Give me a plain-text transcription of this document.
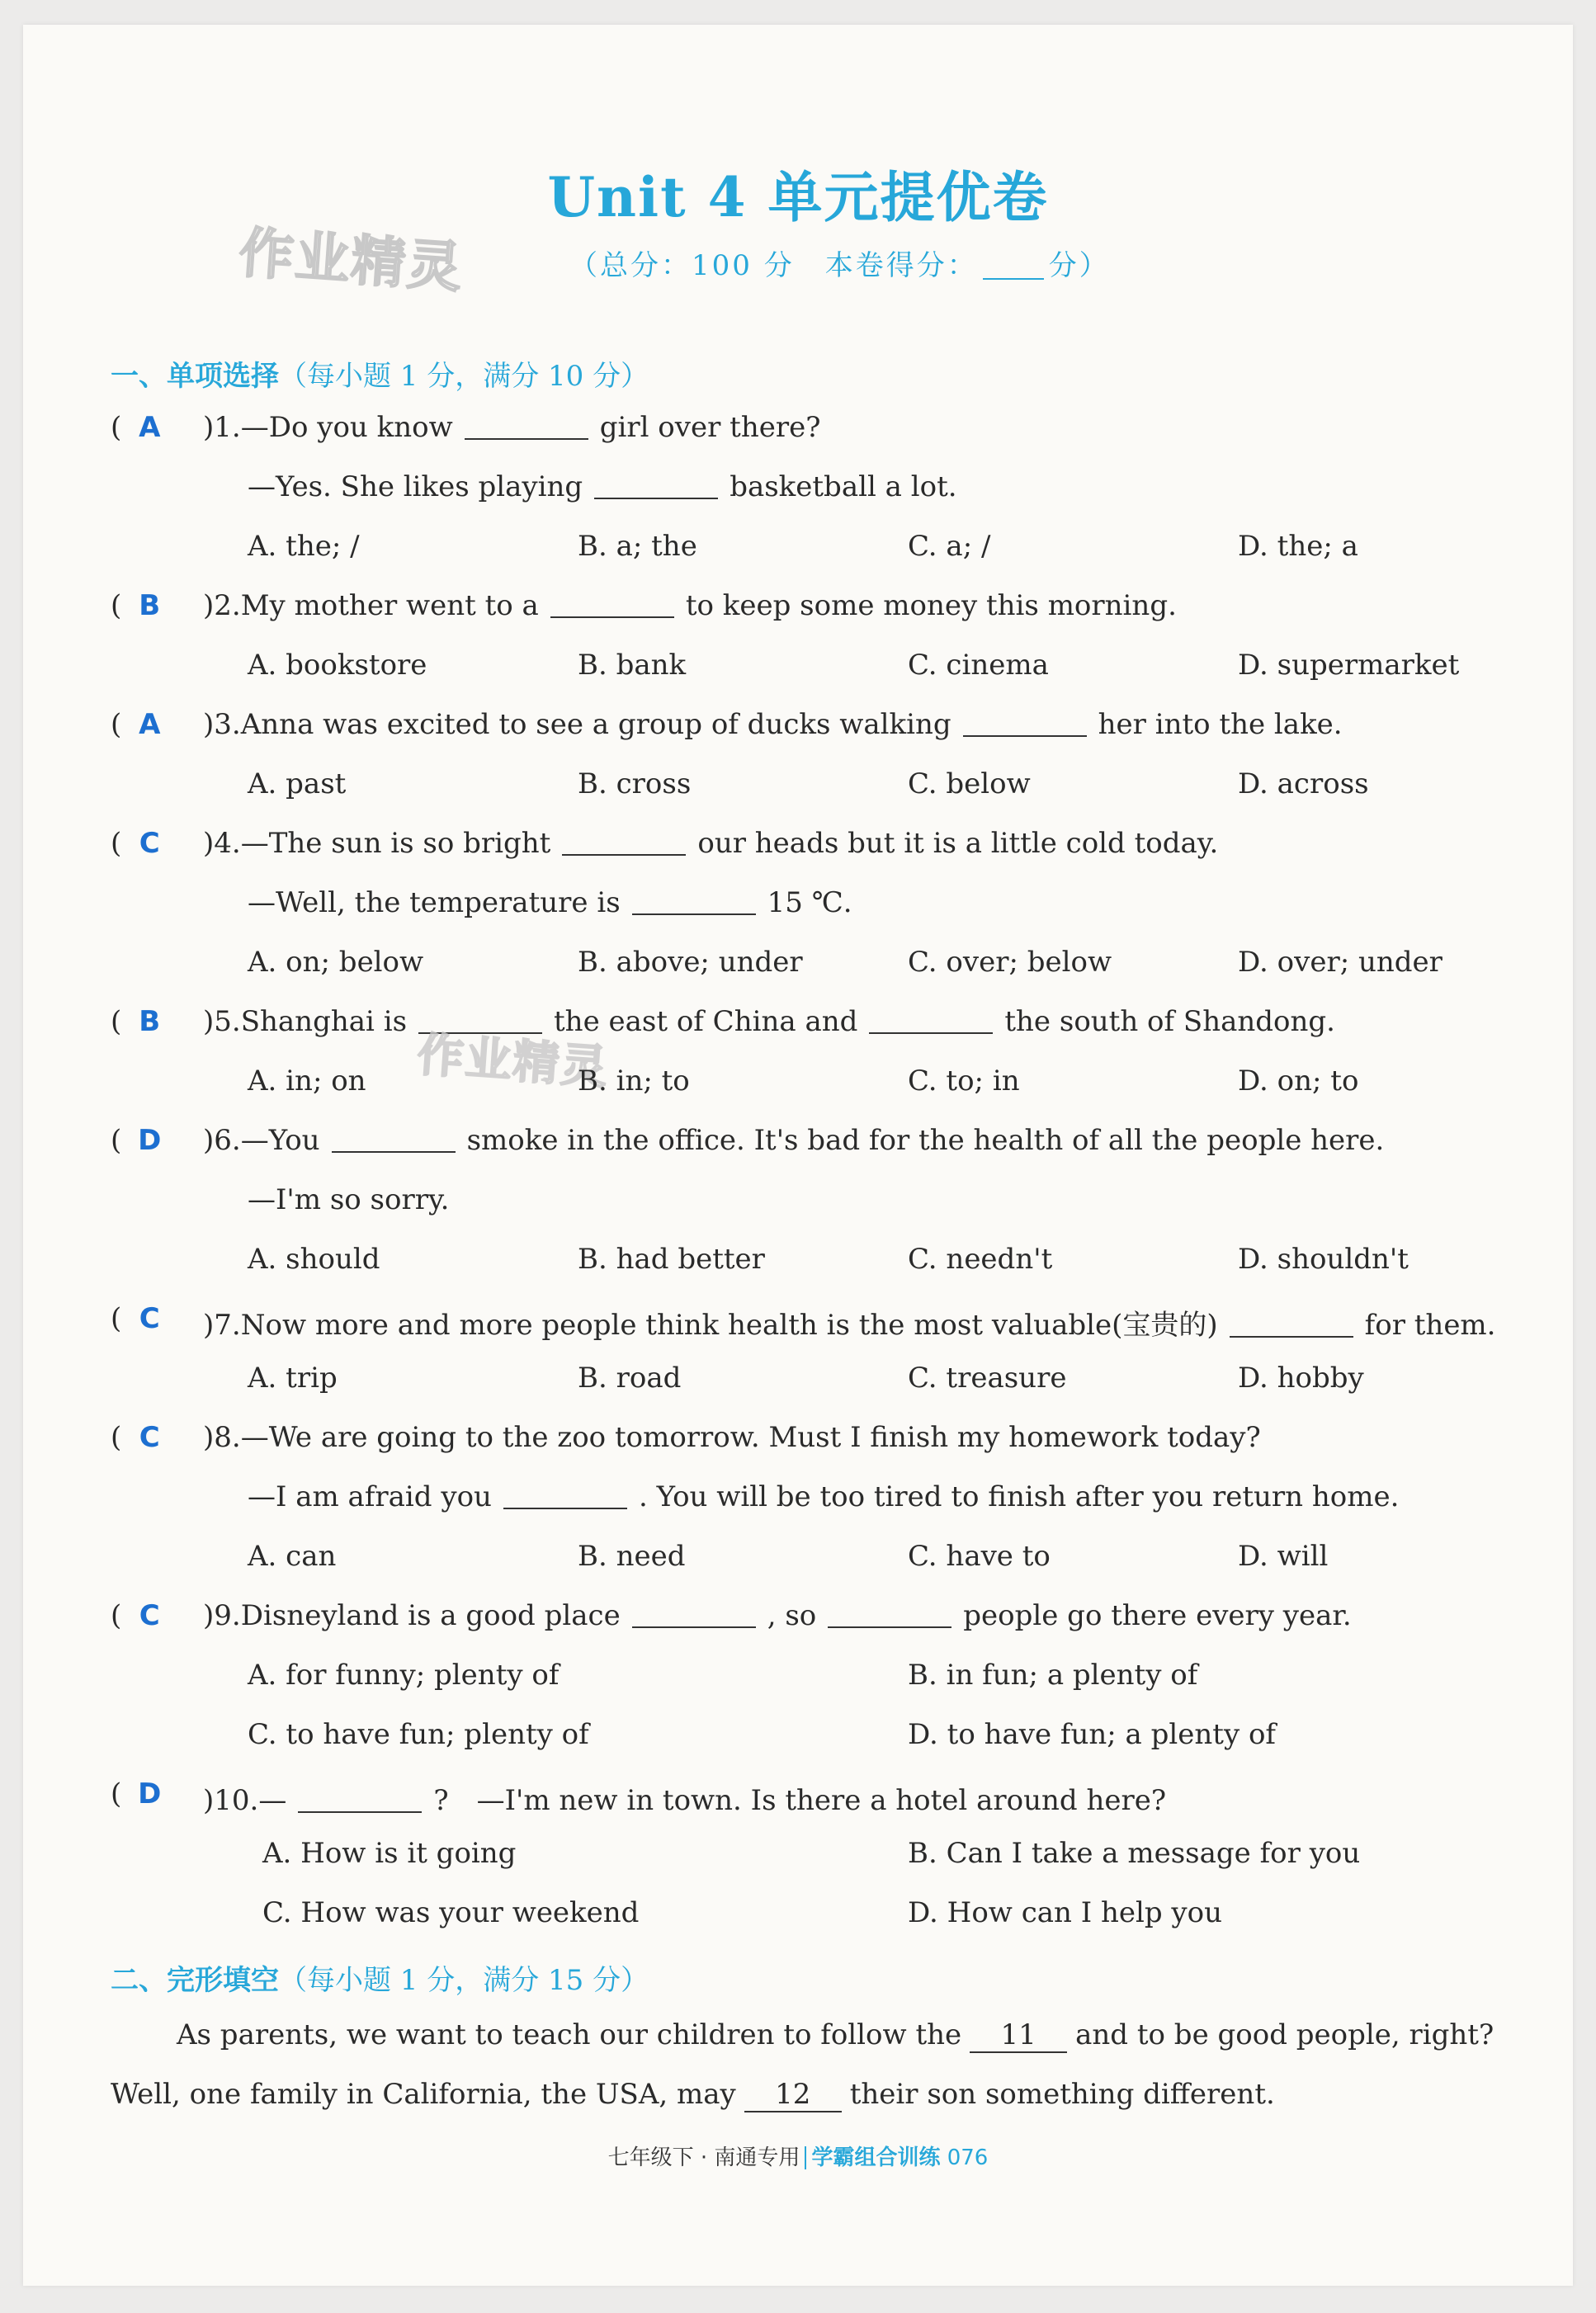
Unit 4 单元提优卷
（总分：100 分　本卷得分：	分）
作业精灵
一、单项选择（每小题 1 分，满分 10 分）
( A	)1.—Do you know	girl over there?
—Yes. She likes playing	basketball a lot.
A. the; /	B. a; the	C. a; /	D. the; a
( B	)2.My mother went to a	to keep some money this morning.
A. bookstore	B. bank	C. cinema	D. supermarket
( A	)3.Anna was excited to see a group of ducks walking	her into the lake.
A. past	B. cross	C. below	D. across
( C	)4.—The sun is so bright	our heads but it is a little cold today.
—Well, the temperature is	15 ℃.
A. on; below	B. above; under	C. over; below	D. over; under
( B	)5.Shanghai is	the east of China and	the south of Shandong.
作业精灵
A. in; on	B. in; to	C. to; in	D. on; to
( D	)6.—You	smoke in the office. It's bad for the health of all the people here.
—I'm so sorry.
A. should	B. had better	C. needn't	D. shouldn't
( C	)7.Now more and more people think health is the most valuable(宝贵的)	for them.
A. trip	B. road	C. treasure	D. hobby
( C	)8.—We are going to the zoo tomorrow. Must I finish my homework today?
—I am afraid you	. You will be too tired to finish after you return home.
A. can	B. need	C. have to	D. will
( C	)9.Disneyland is a good place	, so	people go there every year.
A. for funny; plenty of	B. in fun; a plenty of
C. to have fun; plenty of	D. to have fun; a plenty of
( D	)10.—	?　—I'm new in town. Is there a hotel around here?
A. How is it going	B. Can I take a message for you
C. How was your weekend	D. How can I help you
二、完形填空（每小题 1 分，满分 15 分）
As parents, we want to teach our children to follow the 11 and to be good people, right?
Well, one family in California, the USA, may 12 their son something different.
七年级下 · 南通专用 学霸组合训练 076
